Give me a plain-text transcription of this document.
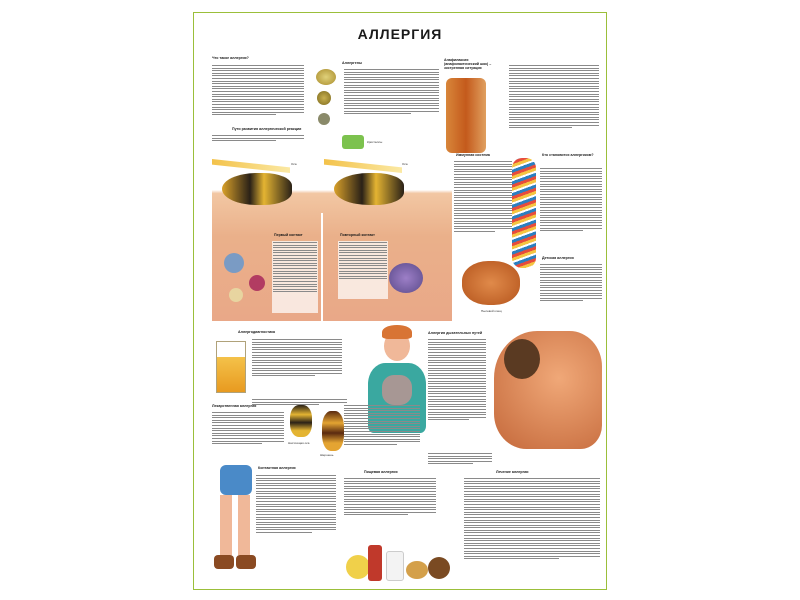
АЛЛЕРГИЯ
Что такое аллергия?
Аллергены
Кристаллы
Анафилаксия (анафилактический шок) – экстренная ситуация
Пути развития аллергической реакции
Оса	Оса
Первый контакт	Повторный контакт
Иммунная система	Кто становится аллергиком?
Пылевой клещ
Детская аллергия
Аллергодиагностика	Аллергия дыхательных путей
Лекарственная аллергия
Настоящая оса
Шершень
Контактная аллергия
Пищевая аллергия	Лечение аллергии
